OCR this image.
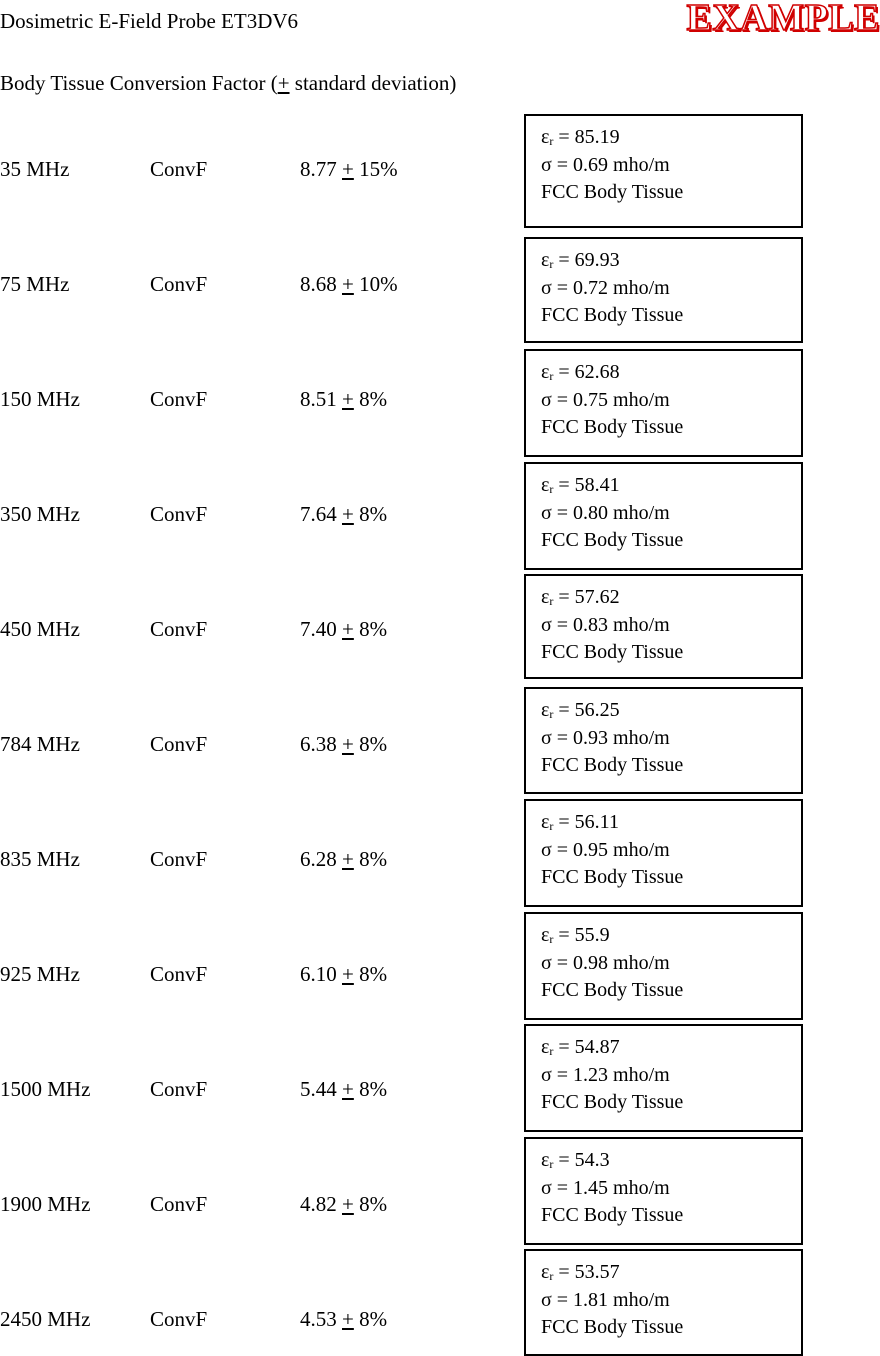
Dosimetric E-Field Probe ET3DV6	EXAMPLE
Body Tissue Conversion Factor (+ standard deviation)
35 MHz	ConvF	8.77 + 15%
$\varepsilon_r = 85.19$
σ = 0.69 mho/m
FCC Body Tissue
75 MHz	ConvF	8.68 + 10%
$\varepsilon_r = 69.93$
σ = 0.72 mho/m
FCC Body Tissue
150 MHz	ConvF	8.51 + 8%
$\varepsilon_r = 62.68$
σ = 0.75 mho/m
FCC Body Tissue
350 MHz	ConvF	7.64 + 8%
$\varepsilon_r = 58.41$
σ = 0.80 mho/m
FCC Body Tissue
450 MHz	ConvF	7.40 + 8%
$\varepsilon_r = 57.62$
σ = 0.83 mho/m
FCC Body Tissue
784 MHz	ConvF	6.38 + 8%
$\varepsilon_r = 56.25$
σ = 0.93 mho/m
FCC Body Tissue
835 MHz	ConvF	6.28 + 8%
$\varepsilon_r = 56.11$
σ = 0.95 mho/m
FCC Body Tissue
925 MHz	ConvF	6.10 + 8%
$\varepsilon_r = 55.9$
σ = 0.98 mho/m
FCC Body Tissue
1500 MHz	ConvF	5.44 + 8%
$\varepsilon_r = 54.87$
σ = 1.23 mho/m
FCC Body Tissue
1900 MHz	ConvF	4.82 + 8%
$\varepsilon_r = 54.3$
σ = 1.45 mho/m
FCC Body Tissue
2450 MHz	ConvF	4.53 + 8%
$\varepsilon_r = 53.57$
σ = 1.81 mho/m
FCC Body Tissue
